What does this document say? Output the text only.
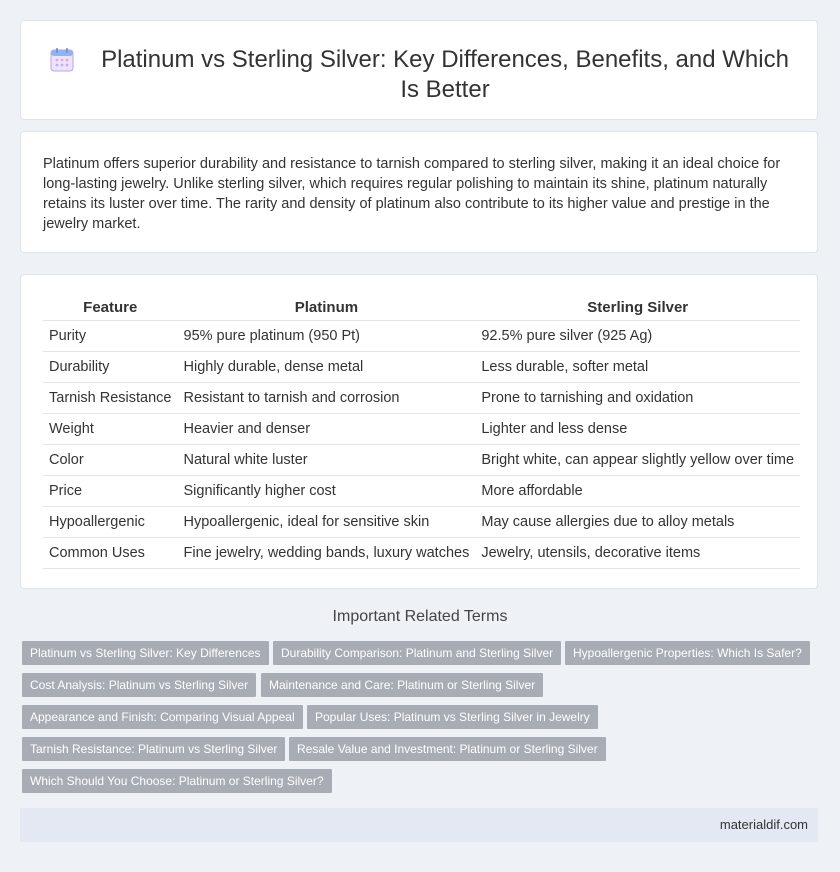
Platinum vs Sterling Silver: Key Differences, Benefits, and Which Is Better

Platinum offers superior durability and resistance to tarnish compared to sterling silver, making it an ideal choice for long-lasting jewelry. Unlike sterling silver, which requires regular polishing to maintain its shine, platinum naturally retains its luster over time. The rarity and density of platinum also contribute to its higher value and prestige in the jewelry market.

Feature		Platinum		Sterling Silver
Purity		95% pure platinum (950 Pt)		92.5% pure silver (925 Ag)
Durability		Highly durable, dense metal		Less durable, softer metal
Tarnish Resistance		Resistant to tarnish and corrosion		Prone to tarnishing and oxidation
Weight		Heavier and denser		Lighter and less dense
Color		Natural white luster		Bright white, can appear slightly yellow over time
Price		Significantly higher cost		More affordable
Hypoallergenic		Hypoallergenic, ideal for sensitive skin		May cause allergies due to alloy metals
Common Uses		Fine jewelry, wedding bands, luxury watches		Jewelry, utensils, decorative items
Important Related Terms
Platinum vs Sterling Silver: Key Differences	Durability Comparison: Platinum and Sterling Silver	Hypoallergenic Properties: Which Is Safer?
Cost Analysis: Platinum vs Sterling Silver	Maintenance and Care: Platinum or Sterling Silver
Appearance and Finish: Comparing Visual Appeal	Popular Uses: Platinum vs Sterling Silver in Jewelry
Tarnish Resistance: Platinum vs Sterling Silver	Resale Value and Investment: Platinum or Sterling Silver
Which Should You Choose: Platinum or Sterling Silver?
materialdif.com
